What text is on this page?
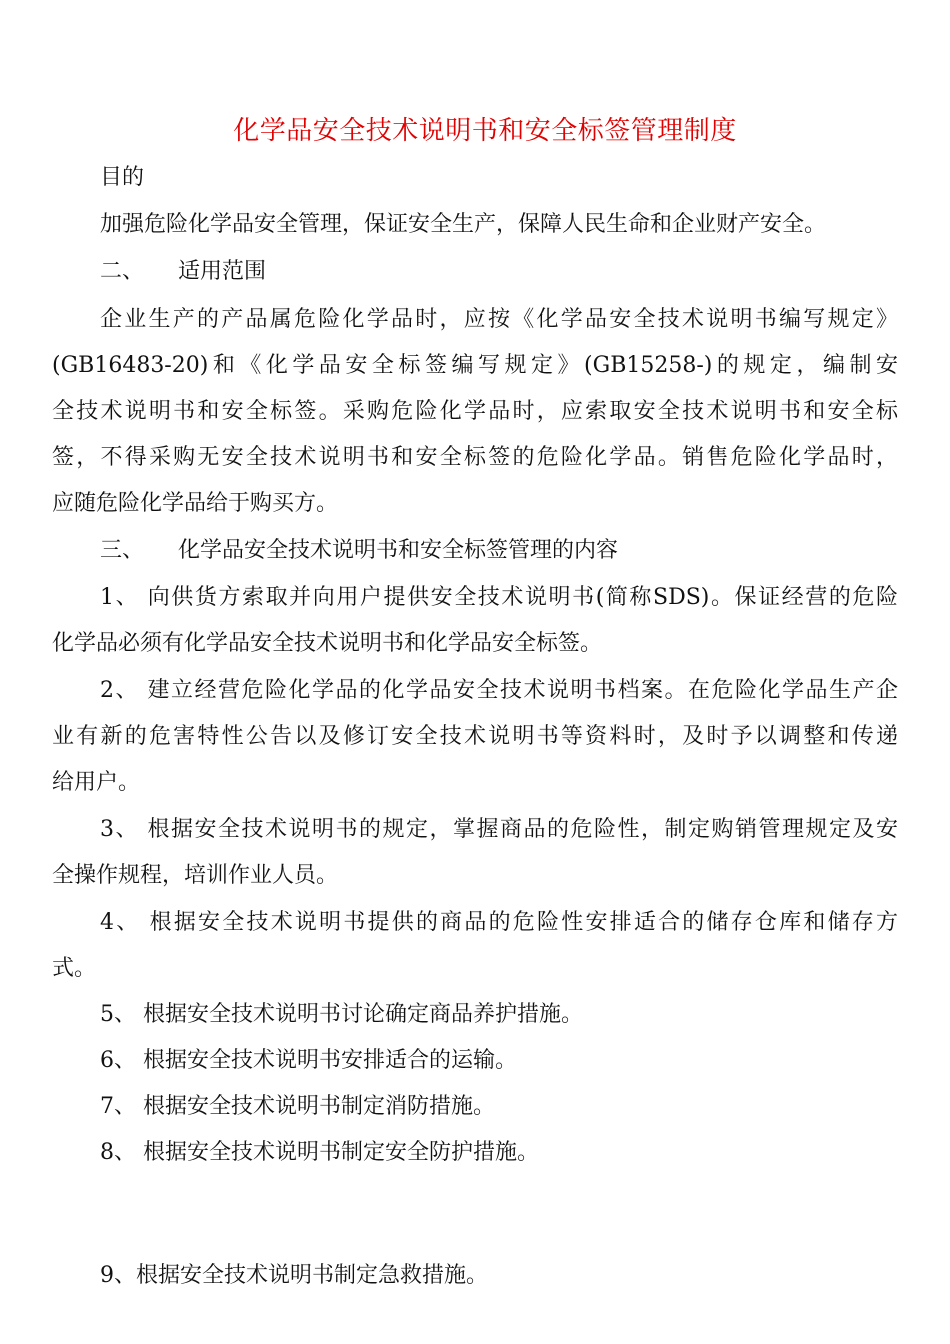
化学品安全技术说明书和安全标签管理制度
目的
加强危险化学品安全管理，保证安全生产，保障人民生命和企业财产安全。
二、 适用范围
企业生产的产品属危险化学品时，应按《化学品安全技术说明书编写规定》
(GB16483-20)和《化学品安全标签编写规定》(GB15258-)的规定，编制安
全技术说明书和安全标签。采购危险化学品时，应索取安全技术说明书和安全标
签，不得采购无安全技术说明书和安全标签的危险化学品。销售危险化学品时，
应随危险化学品给于购买方。
三、 化学品安全技术说明书和安全标签管理的内容
1、 向供货方索取并向用户提供安全技术说明书(简称SDS)。保证经营的危险
化学品必须有化学品安全技术说明书和化学品安全标签。
2、 建立经营危险化学品的化学品安全技术说明书档案。在危险化学品生产企
业有新的危害特性公告以及修订安全技术说明书等资料时，及时予以调整和传递
给用户。
3、 根据安全技术说明书的规定，掌握商品的危险性，制定购销管理规定及安
全操作规程，培训作业人员。
4、 根据安全技术说明书提供的商品的危险性安排适合的储存仓库和储存方
式。
5、 根据安全技术说明书讨论确定商品养护措施。
6、 根据安全技术说明书安排适合的运输。
7、 根据安全技术说明书制定消防措施。
8、 根据安全技术说明书制定安全防护措施。
9、根据安全技术说明书制定急救措施。
